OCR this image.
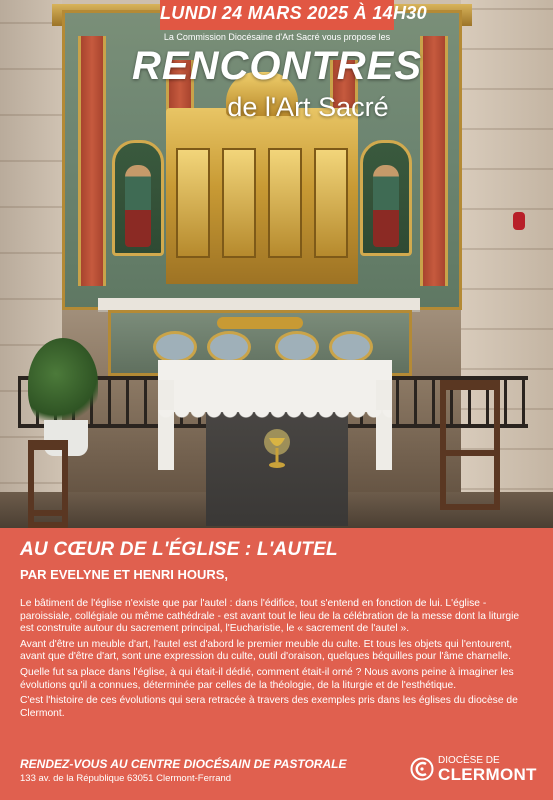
LUNDI 24 MARS 2025 À 14H30
La Commission Diocésaine d'Art Sacré vous propose les
RENCONTRES
de l'Art Sacré
AU CŒUR DE L'ÉGLISE : L'AUTEL
PAR EVELYNE ET HENRI HOURS,

Le bâtiment de l'église n'existe que par l'autel : dans l'édifice, tout s'entend en fonction de lui. L'église - paroissiale, collégiale ou même cathédrale - est avant tout le lieu de la célébration de la messe dont la liturgie est construite autour du sacrement principal, l'Eucharistie, le « sacrement de l'autel ».

Avant d'être un meuble d'art, l'autel est d'abord le premier meuble du culte. Et tous les objets qui l'entourent, avant que d'être d'art, sont une expression du culte, outil d'oraison, quelques béquilles pour l'âme charnelle.

Quelle fut sa place dans l'église, à qui était-il dédié, comment était-il orné ? Nous avons peine à imaginer les évolutions qu'il a connues, déterminée par celles de la théologie, de la liturgie et de l'esthétique.

C'est l'histoire de ces évolutions qui sera retracée à travers des exemples pris dans les églises du diocèse de Clermont.

RENDEZ-VOUS AU CENTRE DIOCÉSAIN DE PASTORALE
133 av. de la République 63051 Clermont-Ferrand
DIOCÈSE DE
CLERMONT
